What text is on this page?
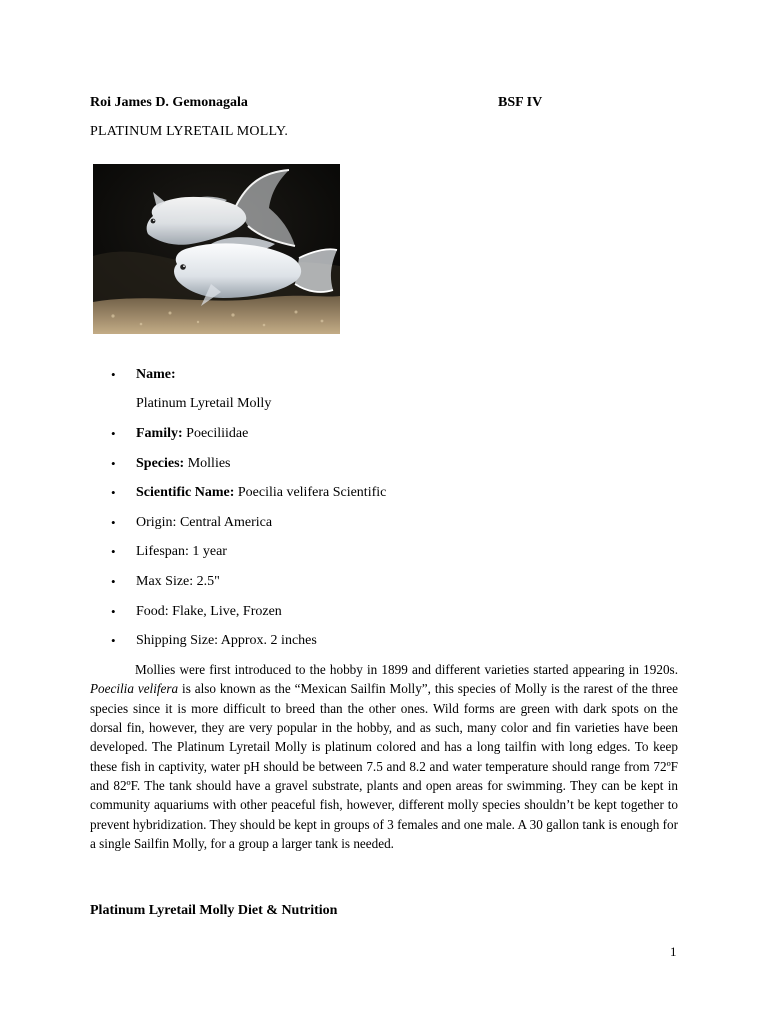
Roi James D. Gemonagala	BSF IV
PLATINUM LYRETAIL MOLLY.
• Name:
Platinum Lyretail Molly
• Family: Poeciliidae
• Species: Mollies
• Scientific Name: Poecilia velifera Scientific
• Origin: Central America
• Lifespan: 1 year
• Max Size: 2.5"
• Food: Flake, Live, Frozen
• Shipping Size: Approx. 2 inches

Mollies were first introduced to the hobby in 1899 and different varieties started appearing in 1920s. Poecilia velifera is also known as the “Mexican Sailfin Molly”, this species of Molly is the rarest of the three species since it is more difficult to breed than the other ones. Wild forms are green with dark spots on the dorsal fin, however, they are very popular in the hobby, and as such, many color and fin varieties have been developed. The Platinum Lyretail Molly is platinum colored and has a long tailfin with long edges. To keep these fish in captivity, water pH should be between 7.5 and 8.2 and water temperature should range from 72ºF and 82ºF. The tank should have a gravel substrate, plants and open areas for swimming. They can be kept in community aquariums with other peaceful fish, however, different molly species shouldn’t be kept together to prevent hybridization. They should be kept in groups of 3 females and one male. A 30 gallon tank is enough for a single Sailfin Molly, for a group a larger tank is needed.

Platinum Lyretail Molly Diet & Nutrition
1
